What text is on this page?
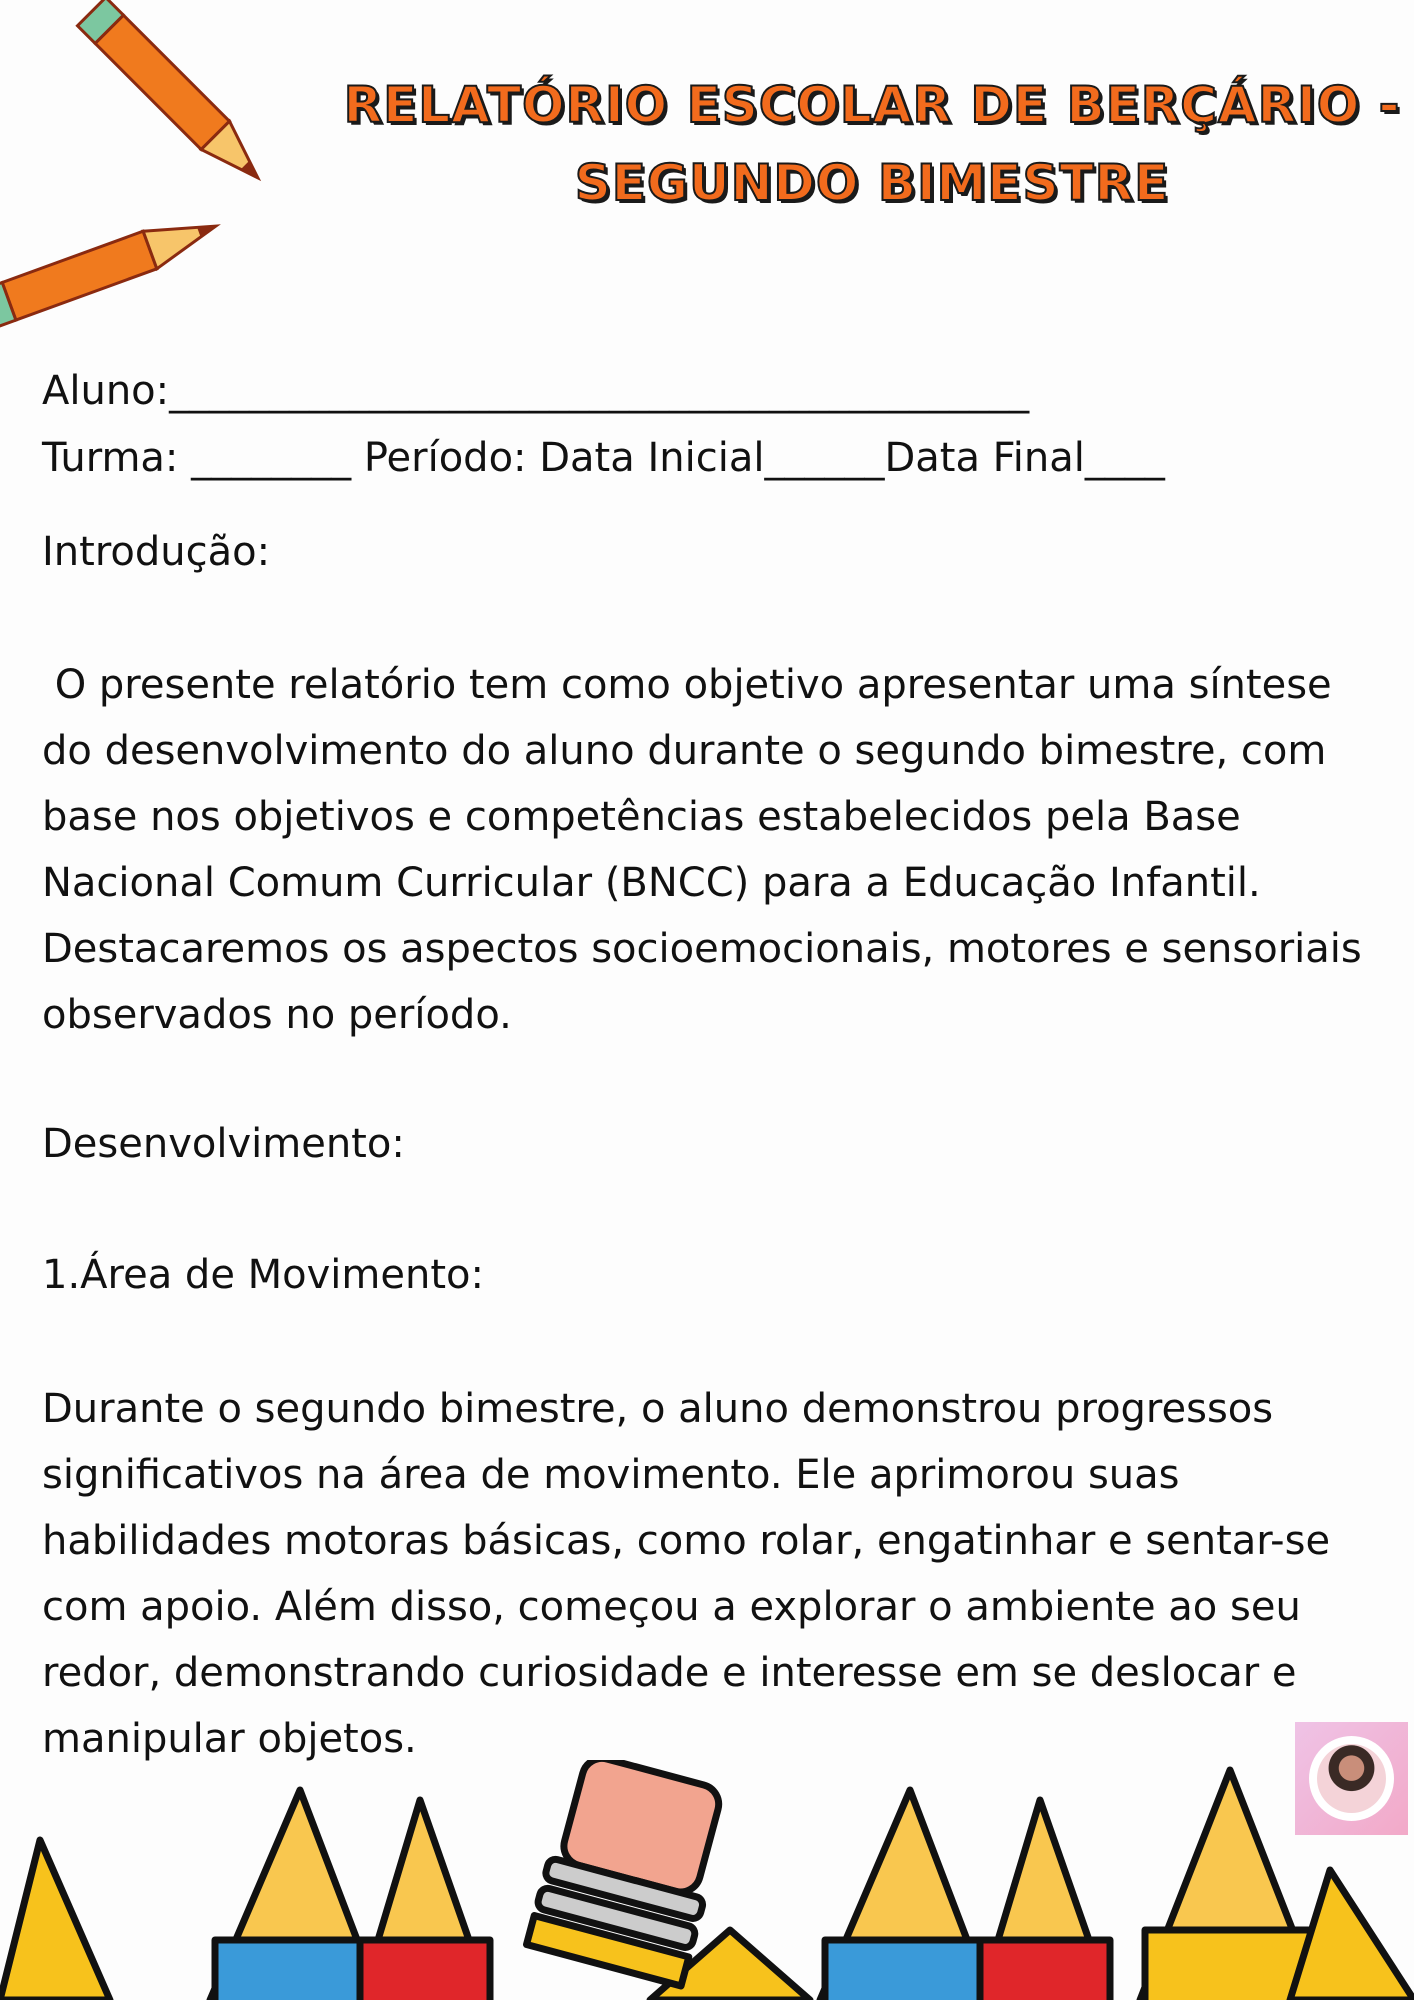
RELATÓRIO ESCOLAR DE BERÇÁRIO -
SEGUNDO BIMESTRE
Aluno:___________________________________________
Turma: ________ Período: Data Inicial______Data Final____
Introdução:
O presente relatório tem como objetivo apresentar uma síntese
do desenvolvimento do aluno durante o segundo bimestre, com
base nos objetivos e competências estabelecidos pela Base
Nacional Comum Curricular (BNCC) para a Educação Infantil.
Destacaremos os aspectos socioemocionais, motores e sensoriais
observados no período.
Desenvolvimento:
1.Área de Movimento:
Durante o segundo bimestre, o aluno demonstrou progressos
significativos na área de movimento. Ele aprimorou suas
habilidades motoras básicas, como rolar, engatinhar e sentar-se
com apoio. Além disso, começou a explorar o ambiente ao seu
redor, demonstrando curiosidade e interesse em se deslocar e
manipular objetos.
